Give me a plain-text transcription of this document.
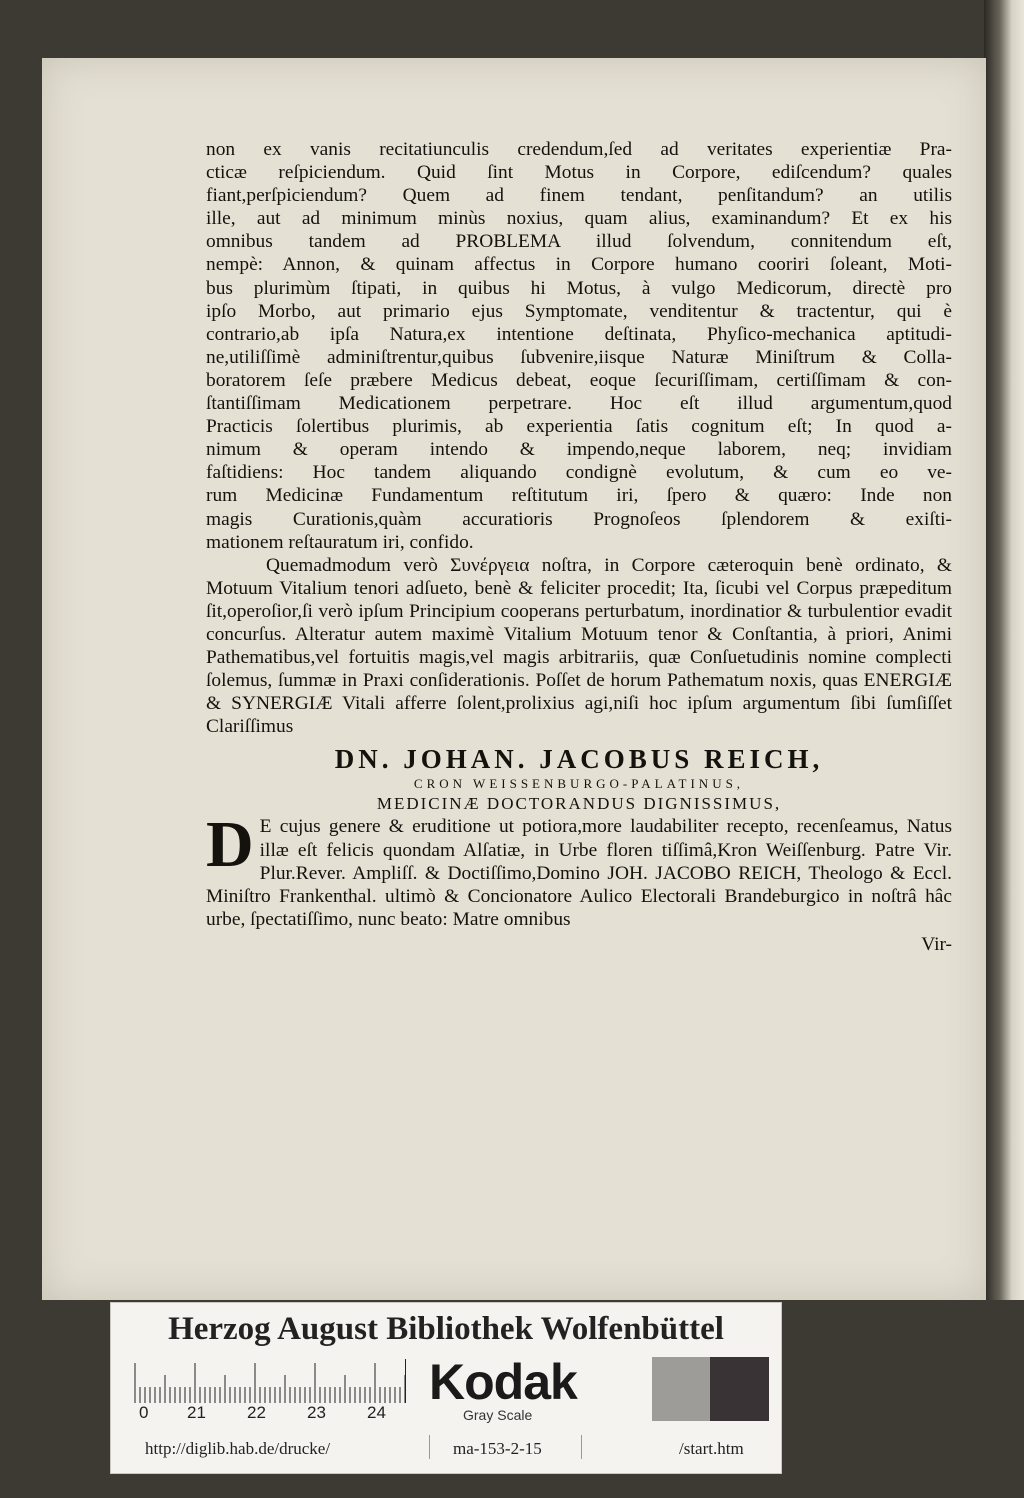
non ex vanis recitatiunculis credendum,ſed ad veritates experientiæ Pra-
cticæ reſpiciendum. Quid ſint Motus in Corpore, ediſcendum? quales
fiant,perſpiciendum? Quem ad finem tendant, penſitandum? an utilis
ille, aut ad minimum minùs noxius, quam alius, examinandum? Et ex his
omnibus tandem ad PROBLEMA illud ſolvendum, connitendum eſt,
nempè: Annon, & quinam affectus in Corpore humano cooriri ſoleant, Moti-
bus plurimùm ſtipati, in quibus hi Motus, à vulgo Medicorum, directè pro
ipſo Morbo, aut primario ejus Symptomate, venditentur & tractentur, qui è
contrario,ab ipſa Natura,ex intentione deſtinata, Phyſico-mechanica aptitudi-
ne,utiliſſimè adminiſtrentur,quibus ſubvenire,iisque Naturæ Miniſtrum & Colla-
boratorem ſeſe præbere Medicus debeat, eoque ſecuriſſimam, certiſſimam & con-
ſtantiſſimam Medicationem perpetrare. Hoc eſt illud argumentum,quod
Practicis ſolertibus plurimis, ab experientia ſatis cognitum eſt; In quod a-
nimum & operam intendo & impendo,neque laborem, neq; invidiam
faſtidiens: Hoc tandem aliquando condignè evolutum, & cum eo ve-
rum Medicinæ Fundamentum reſtitutum iri, ſpero & quæro: Inde non
magis Curationis,quàm accuratioris Prognoſeos ſplendorem & exiſti-
mationem reſtauratum iri, confido.

Quemadmodum verò Συνέργεια noſtra, in Corpore cæteroquin benè ordinato, & Motuum Vitalium tenori adſueto, benè & feliciter procedit; Ita, ſicubi vel Corpus præpeditum ſit,operoſior,ſi verò ipſum Principium cooperans perturbatum, inordinatior & turbulentior evadit concurſus. Alteratur autem maximè Vitalium Motuum tenor & Conſtantia, à priori, Animi Pathematibus,vel fortuitis magis,vel magis arbitrariis, quæ Conſuetudinis nomine complecti ſolemus, ſummæ in Praxi conſiderationis. Poſſet de horum Pathematum noxis, quas ENERGIÆ & SYNERGIÆ Vitali afferre ſolent,prolixius agi,niſi hoc ipſum argumentum ſibi ſumſiſſet Clariſſimus

DN. JOHAN. JACOBUS REICH,
CRON WEISSENBURGO-PALATINUS,
MEDICINÆ DOCTORANDUS DIGNISSIMUS,

D E cujus genere & eruditione ut potiora,more laudabiliter recepto, recenſeamus, Natus illæ eſt felicis quondam Alſatiæ, in Urbe floren tiſſimâ,Kron Weiſſenburg. Patre Vir. Plur.Rever. Ampliſſ. & Doctiſſimo,Domino JOH. JACOBO REICH, Theologo & Eccl. Miniſtro Frankenthal. ultimò & Concionatore Aulico Electorali Brandeburgico in noſtrâ hâc urbe, ſpectatiſſimo, nunc beato: Matre omnibus

Vir-
Herzog August Bibliothek Wolfenbüttel
0 21 22 23 24
Kodak
Gray Scale
http://diglib.hab.de/drucke/	ma-153-2-15	/start.htm
